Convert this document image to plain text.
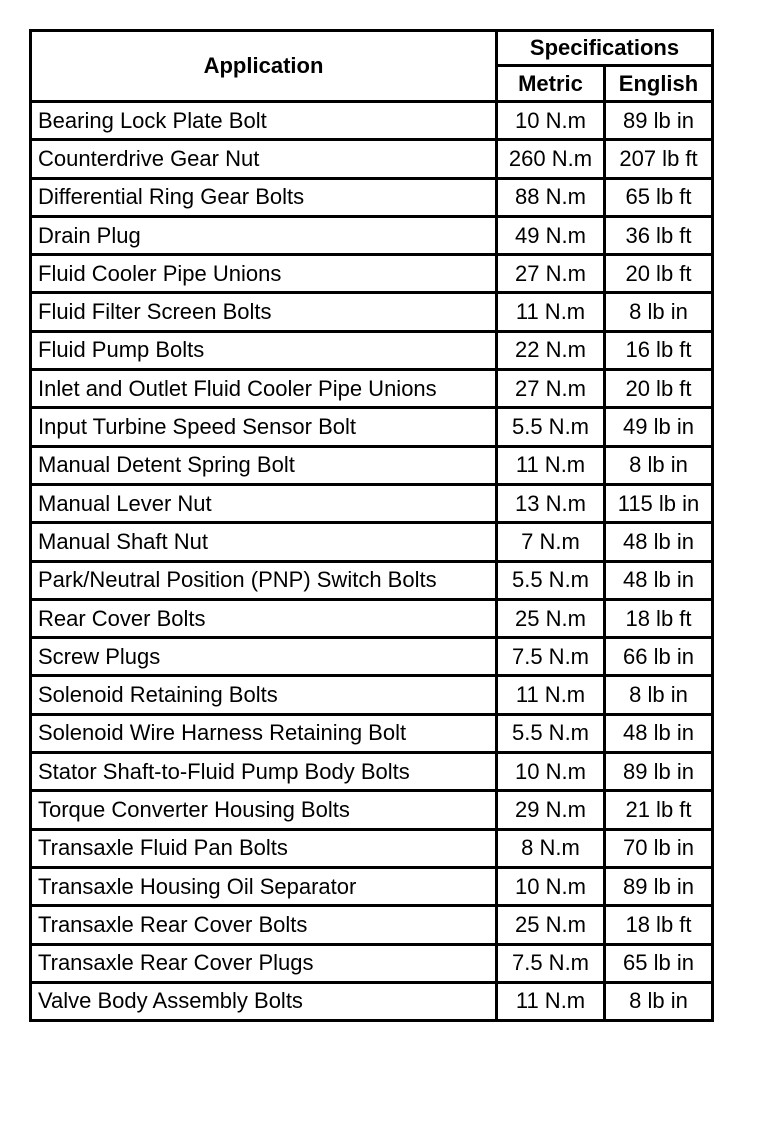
Application	Specifications	
	Metric	English
Bearing Lock Plate Bolt	10 N.m	89 lb in
Counterdrive Gear Nut	260 N.m	207 lb ft
Differential Ring Gear Bolts	88 N.m	65 lb ft
Drain Plug	49 N.m	36 lb ft
Fluid Cooler Pipe Unions	27 N.m	20 lb ft
Fluid Filter Screen Bolts	11 N.m	8 lb in
Fluid Pump Bolts	22 N.m	16 lb ft
Inlet and Outlet Fluid Cooler Pipe Unions	27 N.m	20 lb ft
Input Turbine Speed Sensor Bolt	5.5 N.m	49 lb in
Manual Detent Spring Bolt	11 N.m	8 lb in
Manual Lever Nut	13 N.m	115 lb in
Manual Shaft Nut	7 N.m	48 lb in
Park/Neutral Position (PNP) Switch Bolts	5.5 N.m	48 lb in
Rear Cover Bolts	25 N.m	18 lb ft
Screw Plugs	7.5 N.m	66 lb in
Solenoid Retaining Bolts	11 N.m	8 lb in
Solenoid Wire Harness Retaining Bolt	5.5 N.m	48 lb in
Stator Shaft-to-Fluid Pump Body Bolts	10 N.m	89 lb in
Torque Converter Housing Bolts	29 N.m	21 lb ft
Transaxle Fluid Pan Bolts	8 N.m	70 lb in
Transaxle Housing Oil Separator	10 N.m	89 lb in
Transaxle Rear Cover Bolts	25 N.m	18 lb ft
Transaxle Rear Cover Plugs	7.5 N.m	65 lb in
Valve Body Assembly Bolts	11 N.m	8 lb in
